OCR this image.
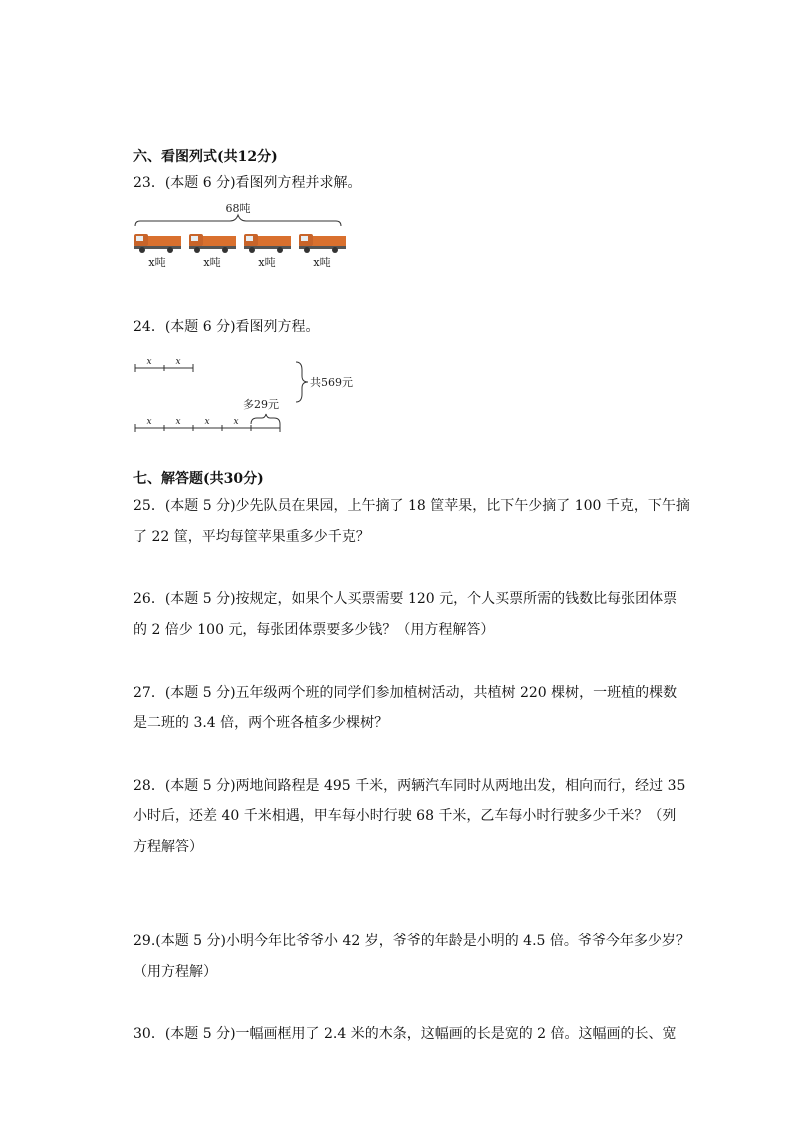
六、看图列式(共12分)
23．(本题 6 分)看图列方程并求解。
68吨
x吨	x吨	x吨	x吨
24．(本题 6 分)看图列方程。
x	x
x	x	x	x
多29元
共569元
七、解答题(共30分)
25．(本题 5 分)少先队员在果园，上午摘了 18 筐苹果，比下午少摘了 100 千克，下午摘
了 22 筐，平均每筐苹果重多少千克？
26．(本题 5 分)按规定，如果个人买票需要 120 元，个人买票所需的钱数比每张团体票
的 2 倍少 100 元，每张团体票要多少钱？（用方程解答）
27．(本题 5 分)五年级两个班的同学们参加植树活动，共植树 220 棵树，一班植的棵数
是二班的 3.4 倍，两个班各植多少棵树？
28．(本题 5 分)两地间路程是 495 千米，两辆汽车同时从两地出发，相向而行，经过 35
小时后，还差 40 千米相遇，甲车每小时行驶 68 千米，乙车每小时行驶多少千米？（列
方程解答）
29.(本题 5 分)小明今年比爷爷小 42 岁，爷爷的年龄是小明的 4.5 倍。爷爷今年多少岁？
（用方程解）
30．(本题 5 分)一幅画框用了 2.4 米的木条，这幅画的长是宽的 2 倍。这幅画的长、宽
